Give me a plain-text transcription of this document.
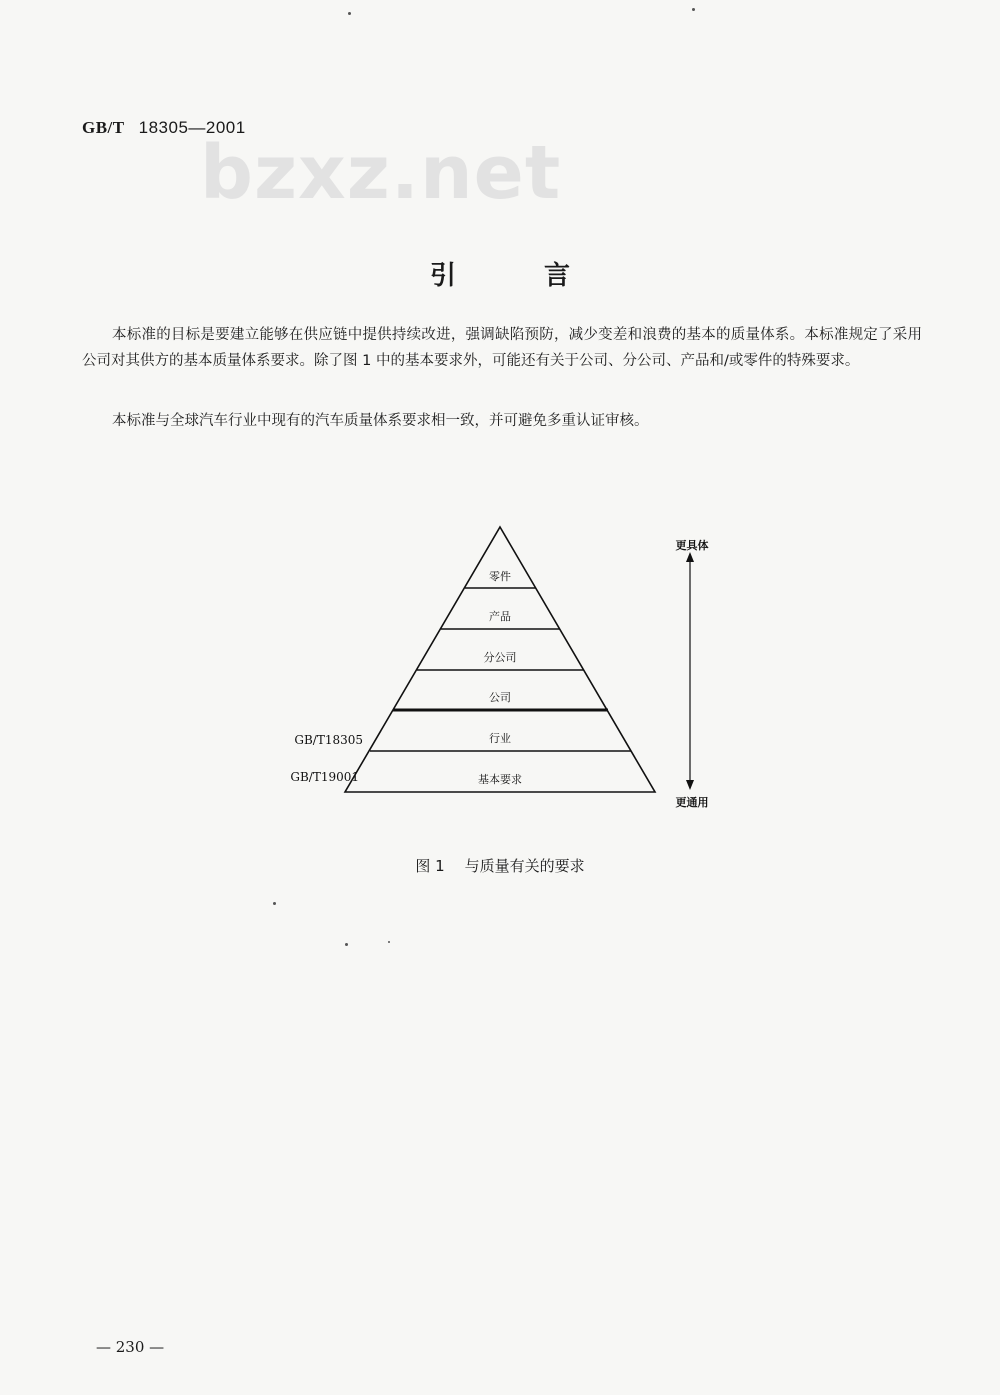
GB/T 18305—2001
bzxz.net
引言
本标准的目标是要建立能够在供应链中提供持续改进，强调缺陷预防，减少变差和浪费的基本的质量体系。本标准规定了采用公司对其供方的基本质量体系要求。除了图 1 中的基本要求外，可能还有关于公司、分公司、产品和/或零件的特殊要求。
本标准与全球汽车行业中现有的汽车质量体系要求相一致，并可避免多重认证审核。
零件
产品
分公司
公司
行业
基本要求
GB/T18305
GB/T19001
更具体
更通用
图 1 与质量有关的要求
— 230 —
